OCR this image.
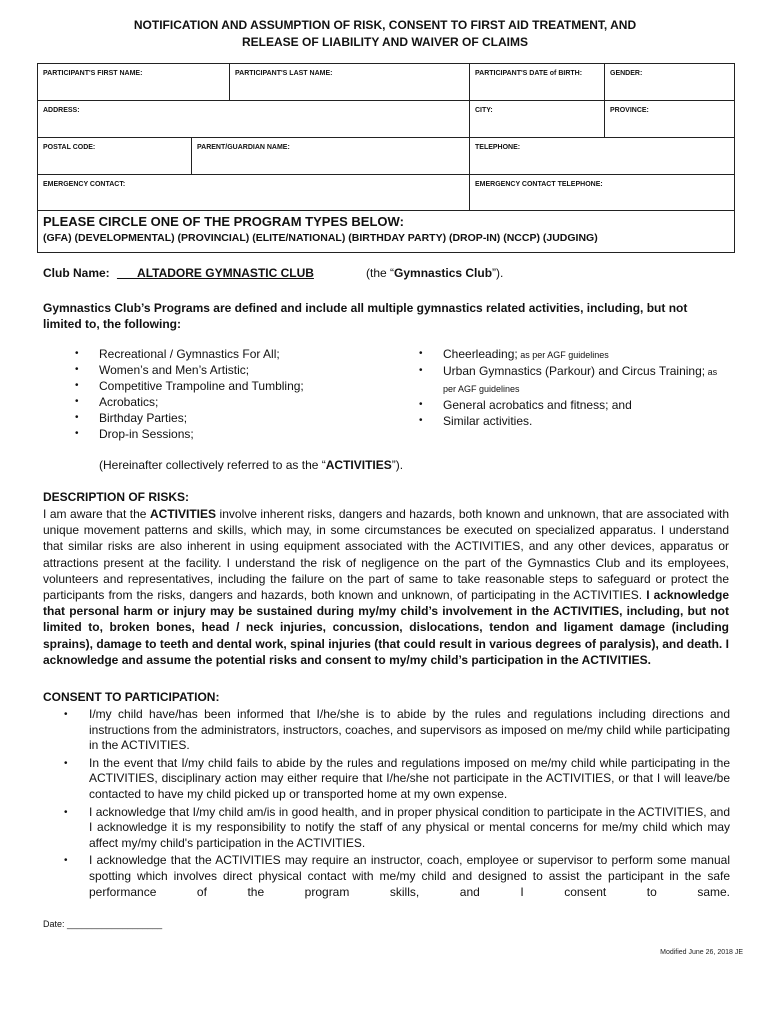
NOTIFICATION AND ASSUMPTION OF RISK, CONSENT TO FIRST AID TREATMENT, AND
RELEASE OF LIABILITY AND WAIVER OF CLAIMS
PARTICIPANT'S FIRST NAME:		PARTICIPANT'S LAST NAME:	PARTICIPANT'S DATE of BIRTH:	GENDER:
ADDRESS:			CITY:	PROVINCE:
POSTAL CODE:	PARENT/GUARDIAN NAME:		TELEPHONE:	
EMERGENCY CONTACT:			EMERGENCY CONTACT TELEPHONE:	

PLEASE CIRCLE ONE OF THE PROGRAM TYPES BELOW:
(GFA) (DEVELOPMENTAL) (PROVINCIAL) (ELITE/NATIONAL) (BIRTHDAY PARTY) (DROP-IN) (NCCP) (JUDGING)				
Club Name: ___ALTADORE GYMNASTIC CLUB	(the “Gymnastics Club”).
Gymnastics Club’s Programs are defined and include all multiple gymnastics related activities, including, but not limited to, the following:
• Recreational / Gymnastics For All;
• Women’s and Men’s Artistic;
• Competitive Trampoline and Tumbling;
• Acrobatics;
• Birthday Parties;
• Drop-in Sessions;
• Cheerleading; as per AGF guidelines
• Urban Gymnastics (Parkour) and Circus Training; as per AGF guidelines
• General acrobatics and fitness; and
• Similar activities.
(Hereinafter collectively referred to as the “ACTIVITIES”).
DESCRIPTION OF RISKS:
I am aware that the ACTIVITIES involve inherent risks, dangers and hazards, both known and unknown, that are associated with unique movement patterns and skills, which may, in some circumstances be executed on specialized apparatus. I understand that similar risks are also inherent in using equipment associated with the ACTIVITIES, and any other devices, apparatus or attractions present at the facility. I understand the risk of negligence on the part of the Gymnastics Club and its employees, volunteers and representatives, including the failure on the part of same to take reasonable steps to safeguard or protect the participants from the risks, dangers and hazards, both known and unknown, of participating in the ACTIVITIES. I acknowledge that personal harm or injury may be sustained during my/my child’s involvement in the ACTIVITIES, including, but not limited to, broken bones, head / neck injuries, concussion, dislocations, tendon and ligament damage (including sprains), damage to teeth and dental work, spinal injuries (that could result in various degrees of paralysis), and death. I acknowledge and assume the potential risks and consent to my/my child’s participation in the ACTIVITIES.
CONSENT TO PARTICIPATION:
• I/my child have/has been informed that I/he/she is to abide by the rules and regulations including directions and instructions from the administrators, instructors, coaches, and supervisors as imposed on me/my child while participating in the ACTIVITIES.
• In the event that I/my child fails to abide by the rules and regulations imposed on me/my child while participating in the ACTIVITIES, disciplinary action may either require that I/he/she not participate in the ACTIVITIES, or that I will leave/be contacted to have my child picked up or transported home at my own expense.
• I acknowledge that I/my child am/is in good health, and in proper physical condition to participate in the ACTIVITIES, and I acknowledge it is my responsibility to notify the staff of any physical or mental concerns for me/my child which may affect my/my child's participation in the ACTIVITIES.
• I acknowledge that the ACTIVITIES may require an instructor, coach, employee or supervisor to perform some manual spotting which involves direct physical contact with me/my child and designed to assist the participant in the safe performance of the program skills, and I consent to same.
Date: ___________________
Modified June 26, 2018 JE
